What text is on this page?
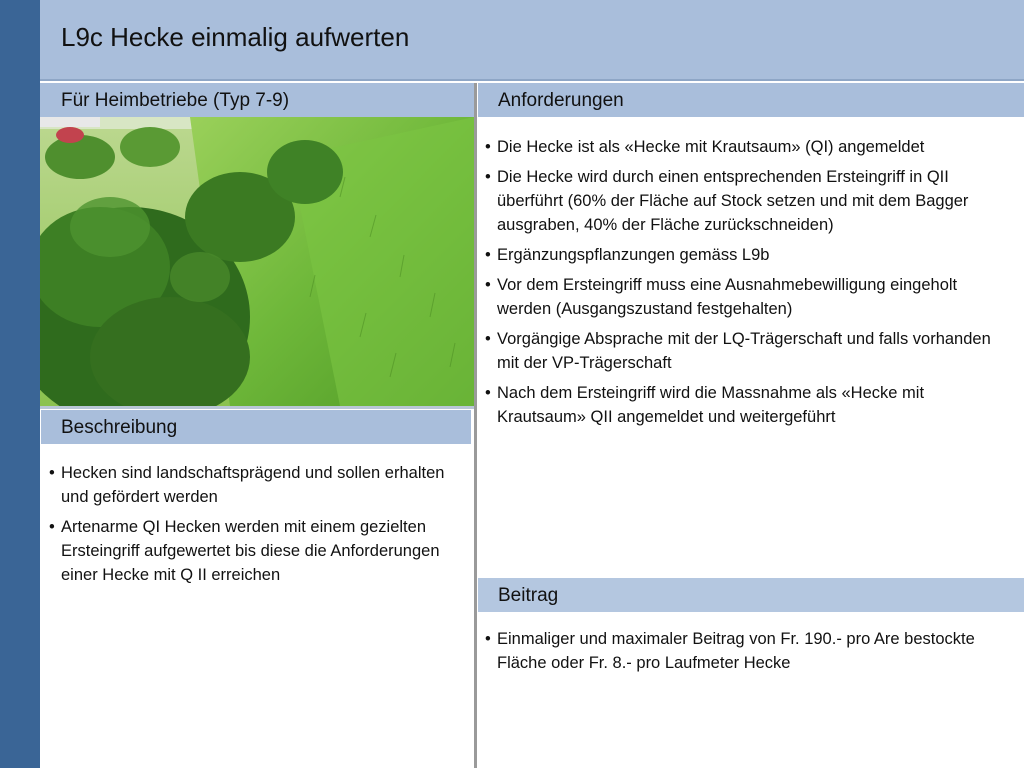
L9c Hecke einmalig aufwerten
Für Heimbetriebe (Typ 7-9)	Anforderungen
Beschreibung
• Hecken sind landschaftsprägend und sollen erhalten und gefördert werden
• Artenarme QI Hecken werden mit einem gezielten Ersteingriff aufgewertet bis diese die Anforderungen einer Hecke mit Q II erreichen
• Die Hecke ist als «Hecke mit Krautsaum» (QI) angemeldet
• Die Hecke wird durch einen entsprechenden Ersteingriff in QII überführt (60% der Fläche auf Stock setzen und mit dem Bagger ausgraben, 40% der Fläche zurückschneiden)
• Ergänzungspflanzungen gemäss L9b
• Vor dem Ersteingriff muss eine Ausnahmebewilligung eingeholt werden (Ausgangszustand festgehalten)
• Vorgängige Absprache mit der LQ-Trägerschaft und falls vorhanden mit der VP-Trägerschaft
• Nach dem Ersteingriff wird die Massnahme als «Hecke mit Krautsaum» QII angemeldet und weitergeführt
Beitrag
• Einmaliger und maximaler Beitrag von Fr. 190.- pro Are bestockte Fläche oder Fr. 8.- pro Laufmeter Hecke
